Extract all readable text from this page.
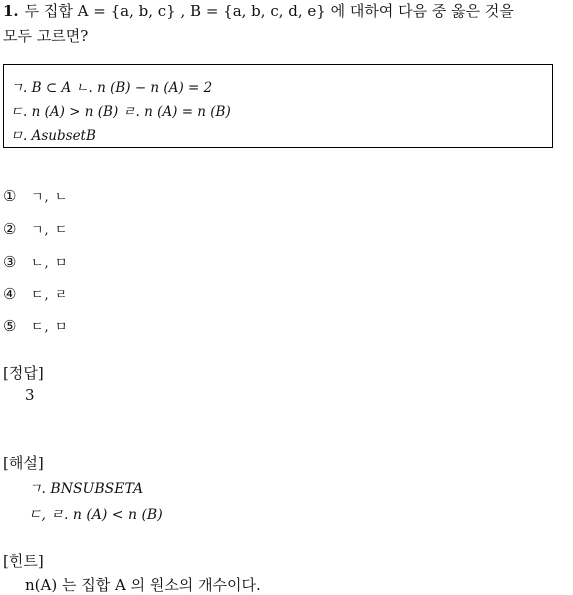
1. 두 집합 A = {a, b, c} , B = {a, b, c, d, e} 에 대하여 다음 중 옳은 것을
모두 고르면?
ㄱ. B ⊂ A ㄴ. n (B) − n (A) = 2
ㄷ. n (A) > n (B) ㄹ. n (A) = n (B)
ㅁ. AsubsetB
① ㄱ, ㄴ
② ㄱ, ㄷ
③ ㄴ, ㅁ
④ ㄷ, ㄹ
⑤ ㄷ, ㅁ
[정답]
3
[해설]
ㄱ. BNSUBSETA
ㄷ, ㄹ. n (A) < n (B)
[힌트]
n(A) 는 집합 A 의 원소의 개수이다.
